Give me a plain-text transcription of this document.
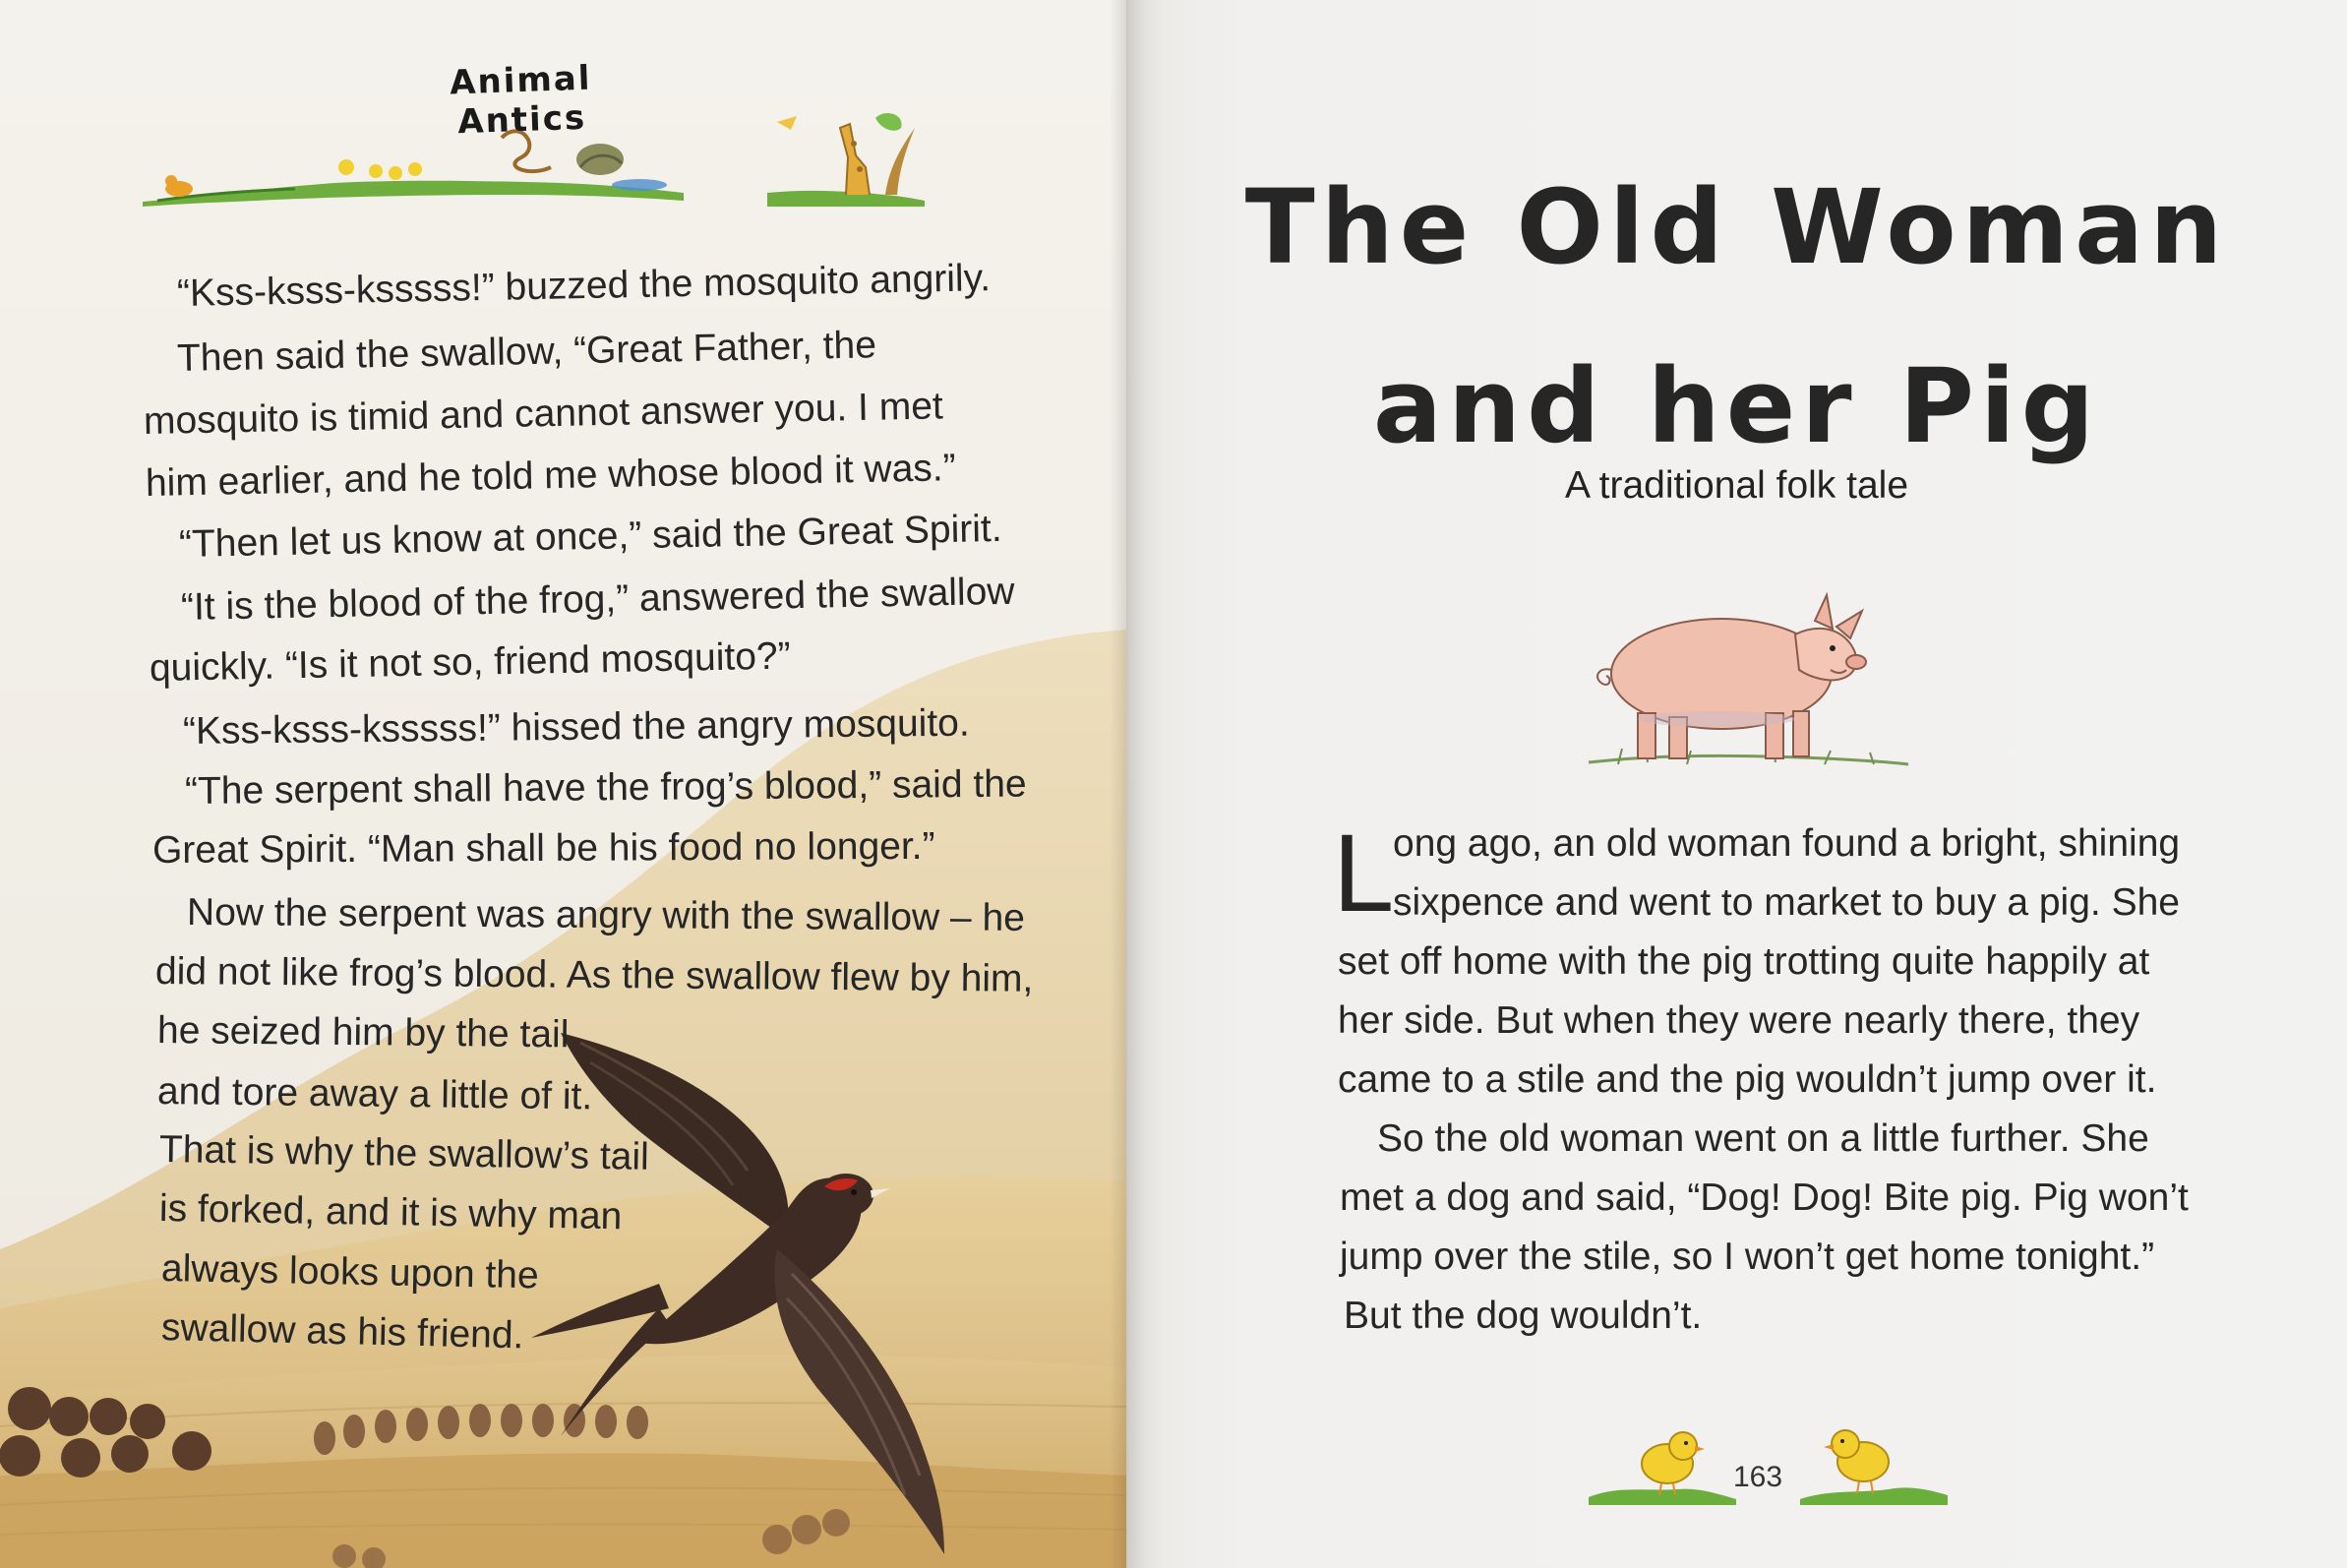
Animal Antics
“Kss-ksss-ksssss!” buzzed the mosquito angrily.
Then said the swallow, “Great Father, the
mosquito is timid and cannot answer you. I met
him earlier, and he told me whose blood it was.”
“Then let us know at once,” said the Great Spirit.
“It is the blood of the frog,” answered the swallow
quickly. “Is it not so, friend mosquito?”
“Kss-ksss-ksssss!” hissed the angry mosquito.
“The serpent shall have the frog’s blood,” said the
Great Spirit. “Man shall be his food no longer.”
Now the serpent was angry with the swallow – he
did not like frog’s blood. As the swallow flew by him,
he seized him by the tail
and tore away a little of it.
That is why the swallow’s tail
is forked, and it is why man
always looks upon the
swallow as his friend.
The Old Woman
and her Pig
A traditional folk tale
L
ong ago, an old woman found a bright, shining
sixpence and went to market to buy a pig. She
set off home with the pig trotting quite happily at
her side. But when they were nearly there, they
came to a stile and the pig wouldn’t jump over it.
So the old woman went on a little further. She
met a dog and said, “Dog! Dog! Bite pig. Pig won’t
jump over the stile, so I won’t get home tonight.”
But the dog wouldn’t.
163
